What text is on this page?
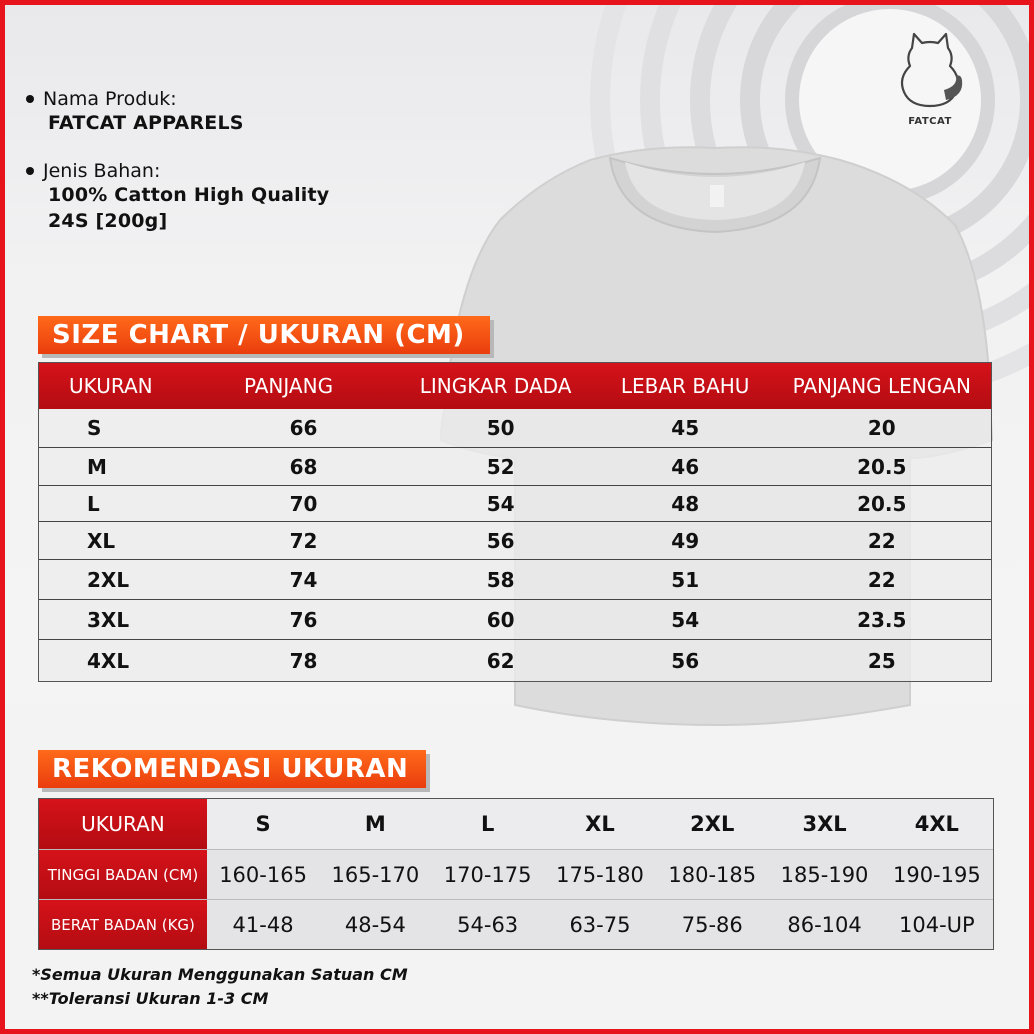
FATCAT
Nama Produk:
FATCAT APPARELS
Jenis Bahan:
100% Catton High Quality
24S [200g]
SIZE CHART / UKURAN (CM)
UKURAN	PANJANG	LINGKAR DADA	LEBAR BAHU	PANJANG LENGAN
S	66	50	45	20
M	68	52	46	20.5
L	70	54	48	20.5
XL	72	56	49	22
2XL	74	58	51	22
3XL	76	60	54	23.5
4XL	78	62	56	25
REKOMENDASI UKURAN
UKURAN	S	M	L	XL	2XL	3XL	4XL
TINGGI BADAN (CM)	160-165	165-170	170-175	175-180	180-185	185-190	190-195
BERAT BADAN (KG)	41-48	48-54	54-63	63-75	75-86	86-104	104-UP
*Semua Ukuran Menggunakan Satuan CM
**Toleransi Ukuran 1-3 CM
